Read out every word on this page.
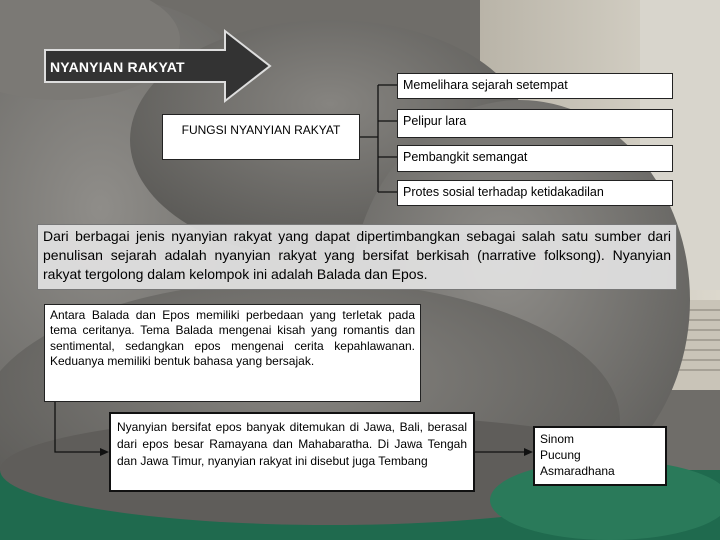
NYANYIAN RAKYAT
FUNGSI NYANYIAN RAKYAT
Memelihara sejarah setempat
Pelipur lara
Pembangkit semangat
Protes sosial terhadap ketidakadilan
Dari berbagai jenis nyanyian rakyat yang dapat dipertimbangkan sebagai salah satu sumber dari penulisan sejarah adalah nyanyian rakyat yang bersifat berkisah (narrative folksong). Nyanyian rakyat tergolong dalam kelompok ini adalah Balada dan Epos.
Antara Balada dan Epos memiliki perbedaan yang terletak pada tema ceritanya. Tema Balada mengenai kisah yang romantis dan sentimental, sedangkan epos mengenai cerita kepahlawanan. Keduanya memiliki bentuk bahasa yang bersajak.
Nyanyian bersifat epos banyak ditemukan di Jawa, Bali, berasal dari epos besar Ramayana dan Mahabaratha. Di Jawa Tengah dan Jawa Timur, nyanyian rakyat ini disebut juga Tembang
Sinom
Pucung
Asmaradhana
